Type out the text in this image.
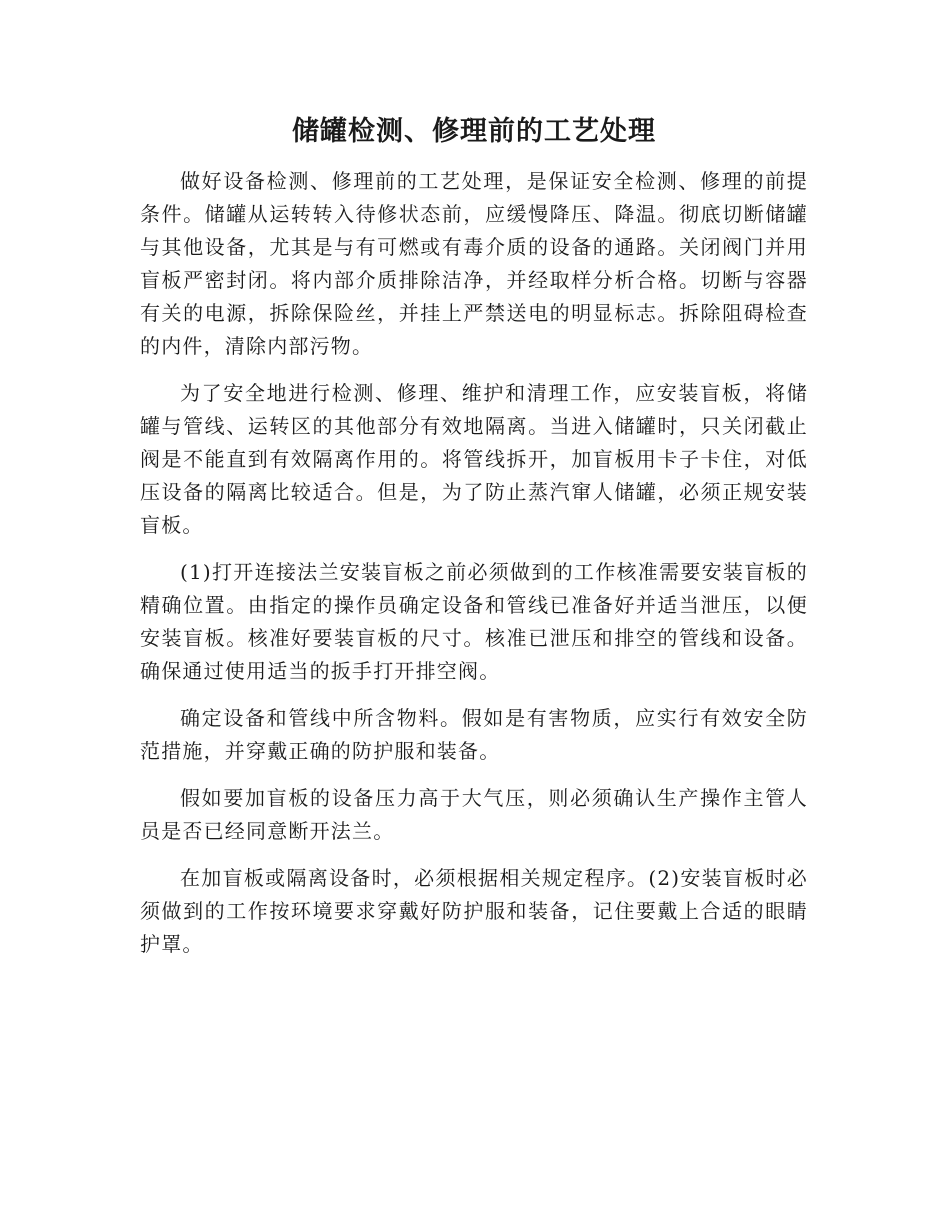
储罐检测、修理前的工艺处理

做好设备检测、修理前的工艺处理，是保证安全检测、修理的前提条件。储罐从运转转入待修状态前，应缓慢降压、降温。彻底切断储罐与其他设备，尤其是与有可燃或有毒介质的设备的通路。关闭阀门并用盲板严密封闭。将内部介质排除洁净，并经取样分析合格。切断与容器有关的电源，拆除保险丝，并挂上严禁送电的明显标志。拆除阻碍检查的内件，清除内部污物。

为了安全地进行检测、修理、维护和清理工作，应安装盲板，将储罐与管线、运转区的其他部分有效地隔离。当进入储罐时，只关闭截止阀是不能直到有效隔离作用的。将管线拆开，加盲板用卡子卡住，对低压设备的隔离比较适合。但是，为了防止蒸汽窜人储罐，必须正规安装盲板。

(1)打开连接法兰安装盲板之前必须做到的工作核准需要安装盲板的精确位置。由指定的操作员确定设备和管线已准备好并适当泄压，以便安装盲板。核准好要装盲板的尺寸。核准已泄压和排空的管线和设备。确保通过使用适当的扳手打开排空阀。

确定设备和管线中所含物料。假如是有害物质，应实行有效安全防范措施，并穿戴正确的防护服和装备。

假如要加盲板的设备压力高于大气压，则必须确认生产操作主管人员是否已经同意断开法兰。

在加盲板或隔离设备时，必须根据相关规定程序。(2)安装盲板时必须做到的工作按环境要求穿戴好防护服和装备，记住要戴上合适的眼睛护罩。
